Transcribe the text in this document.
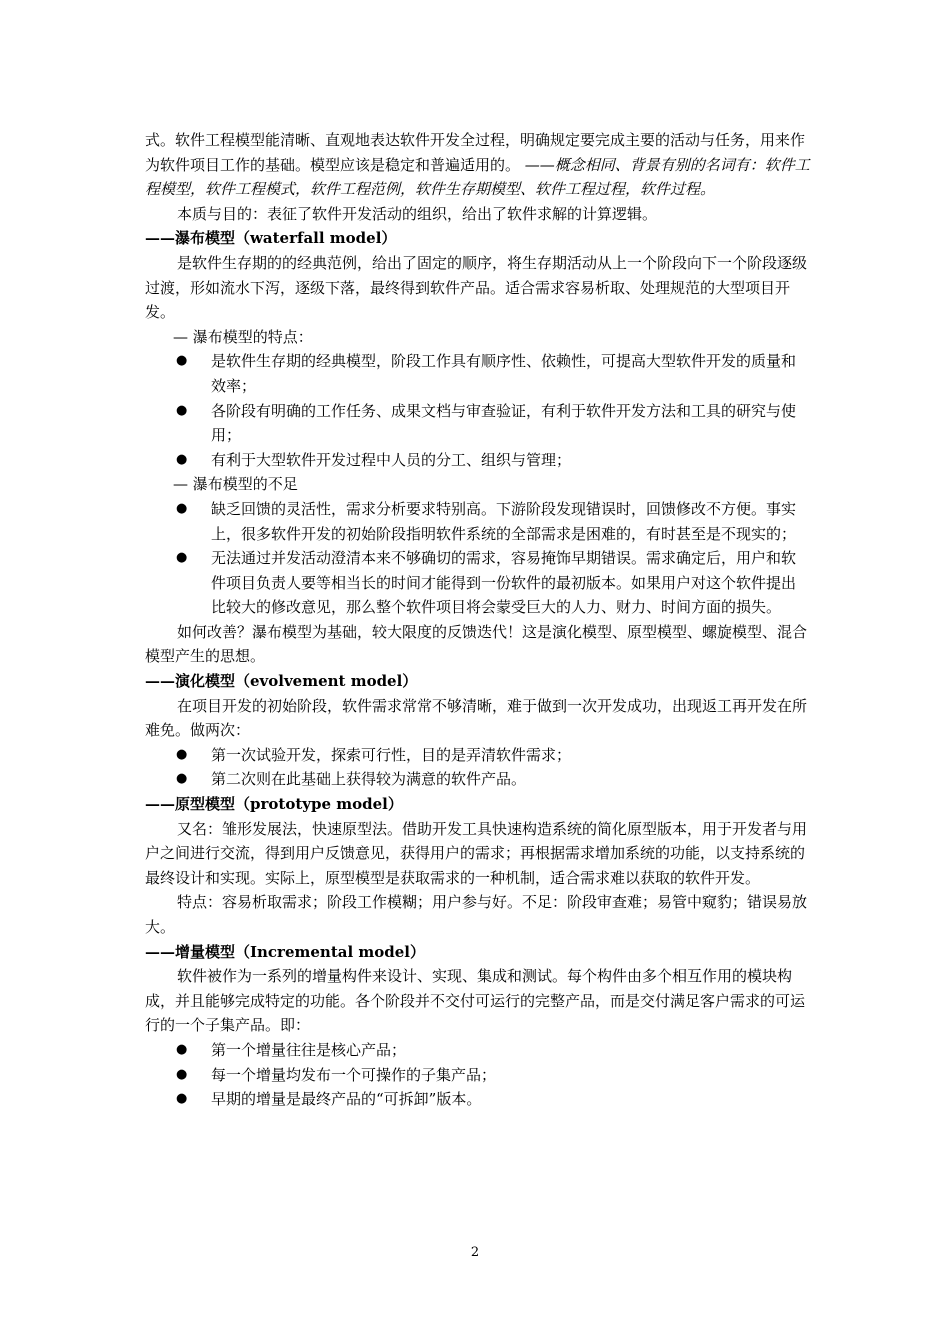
式。软件工程模型能清晰、直观地表达软件开发全过程，明确规定要完成主要的活动与任务，用来作为软件项目工作的基础。模型应该是稳定和普遍适用的。 ——概念相同、背景有别的名词有：软件工程模型，软件工程模式，软件工程范例，软件生存期模型、软件工程过程，软件过程。

本质与目的：表征了软件开发活动的组织，给出了软件求解的计算逻辑。

——瀑布模型（waterfall model）

是软件生存期的的经典范例，给出了固定的顺序，将生存期活动从上一个阶段向下一个阶段逐级过渡，形如流水下泻，逐级下落，最终得到软件产品。适合需求容易析取、处理规范的大型项目开发。

— 瀑布模型的特点：

● 是软件生存期的经典模型，阶段工作具有顺序性、依赖性，可提高大型软件开发的质量和效率；

● 各阶段有明确的工作任务、成果文档与审查验证，有利于软件开发方法和工具的研究与使用；

● 有利于大型软件开发过程中人员的分工、组织与管理；

— 瀑布模型的不足

● 缺乏回馈的灵活性，需求分析要求特别高。下游阶段发现错误时，回馈修改不方便。事实上，很多软件开发的初始阶段指明软件系统的全部需求是困难的，有时甚至是不现实的；

● 无法通过并发活动澄清本来不够确切的需求，容易掩饰早期错误。需求确定后，用户和软件项目负责人要等相当长的时间才能得到一份软件的最初版本。如果用户对这个软件提出比较大的修改意见，那么整个软件项目将会蒙受巨大的人力、财力、时间方面的损失。

如何改善？瀑布模型为基础，较大限度的反馈迭代！这是演化模型、原型模型、螺旋模型、混合模型产生的思想。

——演化模型（evolvement model）

在项目开发的初始阶段，软件需求常常不够清晰，难于做到一次开发成功，出现返工再开发在所难免。做两次：

● 第一次试验开发，探索可行性，目的是弄清软件需求；

● 第二次则在此基础上获得较为满意的软件产品。

——原型模型（prototype model）

又名：雏形发展法，快速原型法。借助开发工具快速构造系统的简化原型版本，用于开发者与用户之间进行交流，得到用户反馈意见，获得用户的需求；再根据需求增加系统的功能，以支持系统的最终设计和实现。实际上，原型模型是获取需求的一种机制，适合需求难以获取的软件开发。

特点：容易析取需求；阶段工作模糊；用户参与好。不足：阶段审查难；易管中窥豹；错误易放大。

——增量模型（Incremental model）

软件被作为一系列的增量构件来设计、实现、集成和测试。每个构件由多个相互作用的模块构成，并且能够完成特定的功能。各个阶段并不交付可运行的完整产品，而是交付满足客户需求的可运行的一个子集产品。即：

● 第一个增量往往是核心产品；

● 每一个增量均发布一个可操作的子集产品；

● 早期的增量是最终产品的“可拆卸”版本。

2
